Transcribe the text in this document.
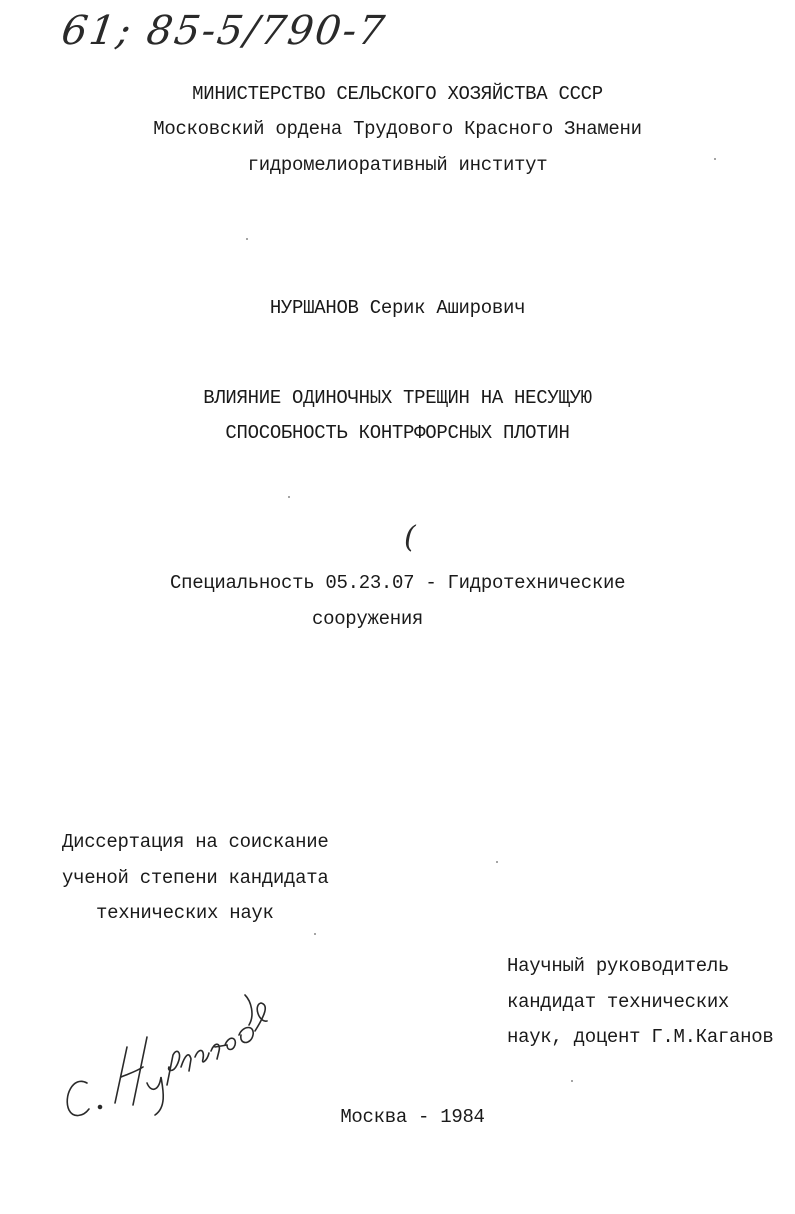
61; 85-5/790-7
МИНИСТЕРСТВО СЕЛЬСКОГО ХОЗЯЙСТВА СССР
Московский ордена Трудового Красного Знамени
гидромелиоративный институт
НУРШАНОВ Серик Аширович
ВЛИЯНИЕ ОДИНОЧНЫХ ТРЕЩИН НА НЕСУЩУЮ
СПОСОБНОСТЬ КОНТРФОРСНЫХ ПЛОТИН
(
Специальность 05.23.07 - Гидротехнические
сооружения
Диссертация на соискание
ученой степени кандидата
технических наук
Научный руководитель
кандидат технических
наук, доцент Г.М.Каганов
Москва - 1984
